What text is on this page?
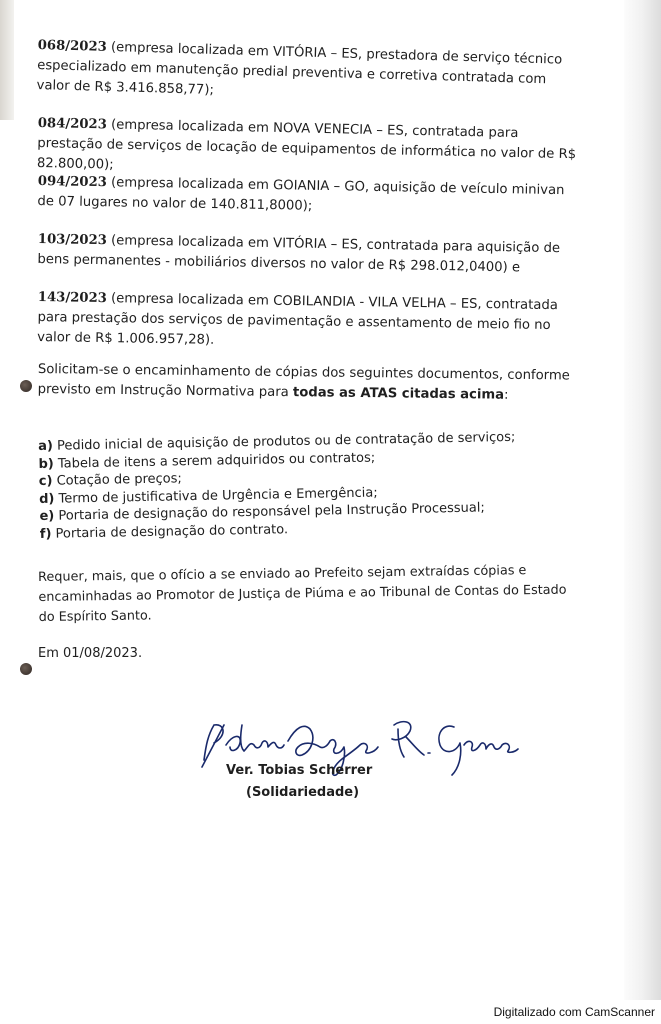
068/2023 (empresa localizada em VITÓRIA – ES, prestadora de serviço técnico especializado em manutenção predial preventiva e corretiva contratada com valor de R$ 3.416.858,77);

084/2023 (empresa localizada em NOVA VENECIA – ES, contratada para prestação de serviços de locação de equipamentos de informática no valor de R$ 82.800,00);

094/2023 (empresa localizada em GOIANIA – GO, aquisição de veículo minivan de 07 lugares no valor de 140.811,8000);

103/2023 (empresa localizada em VITÓRIA – ES, contratada para aquisição de bens permanentes - mobiliários diversos no valor de R$ 298.012,0400) e

143/2023 (empresa localizada em COBILANDIA - VILA VELHA – ES, contratada para prestação dos serviços de pavimentação e assentamento de meio fio no valor de R$ 1.006.957,28).

Solicitam-se o encaminhamento de cópias dos seguintes documentos, conforme previsto em Instrução Normativa para todas as ATAS citadas acima:

a) Pedido inicial de aquisição de produtos ou de contratação de serviços;
b) Tabela de itens a serem adquiridos ou contratos;
c) Cotação de preços;
d) Termo de justificativa de Urgência e Emergência;
e) Portaria de designação do responsável pela Instrução Processual;
f) Portaria de designação do contrato.

Requer, mais, que o ofício a se enviado ao Prefeito sejam extraídas cópias e encaminhadas ao Promotor de Justiça de Piúma e ao Tribunal de Contas do Estado do Espírito Santo.

Em 01/08/2023.
Ver. Tobias Scherrer
(Solidariedade)
Digitalizado com CamScanner
